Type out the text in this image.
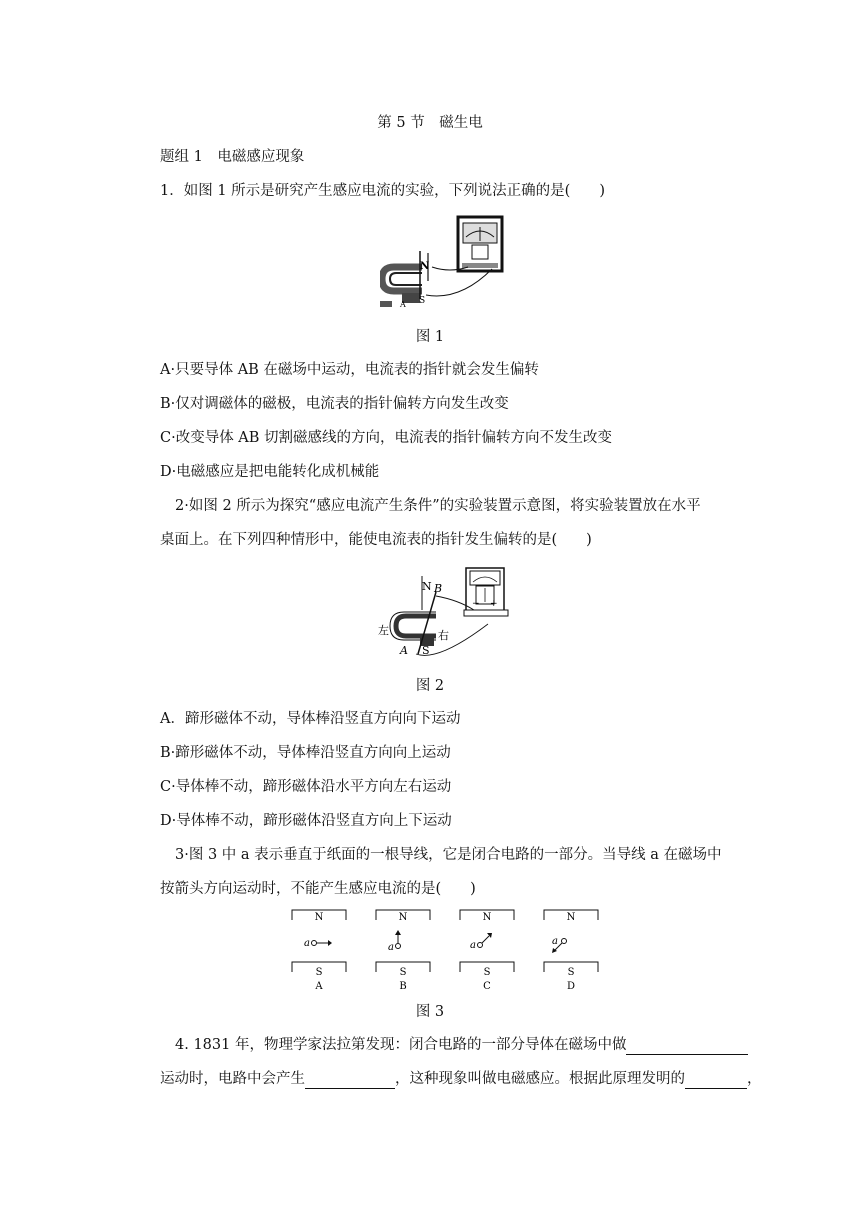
第 5 节　磁生电
题组 1　电磁感应现象
1．如图 1 所示是研究产生感应电流的实验，下列说法正确的是(　　)
N
S
A
图 1
A·只要导体 AB 在磁场中运动，电流表的指针就会发生偏转
B·仅对调磁体的磁极，电流表的指针偏转方向发生改变
C·改变导体 AB 切割磁感线的方向，电流表的指针偏转方向不发生改变
D·电磁感应是把电能转化成机械能
2·如图 2 所示为探究“感应电流产生条件”的实验装置示意图，将实验装置放在水平
桌面上。在下列四种情形中，能使电流表的指针发生偏转的是(　　)
− +
左	右
N B
S
A
图 2
A．蹄形磁体不动，导体棒沿竖直方向向下运动
B·蹄形磁体不动，导体棒沿竖直方向向上运动
C·导体棒不动，蹄形磁体沿水平方向左右运动
D·导体棒不动，蹄形磁体沿竖直方向上下运动
3·图 3 中 a 表示垂直于纸面的一根导线，它是闭合电路的一部分。当导线 a 在磁场中
按箭头方向运动时，不能产生感应电流的是(　　)
N
a
S
A
N
a
S
B
N
a
S
C
N
a
S
D
图 3
4. 1831 年，物理学家法拉第发现：闭合电路的一部分导体在磁场中做
运动时，电路中会产生	，这种现象叫做电磁感应。根据此原理发明的	，
